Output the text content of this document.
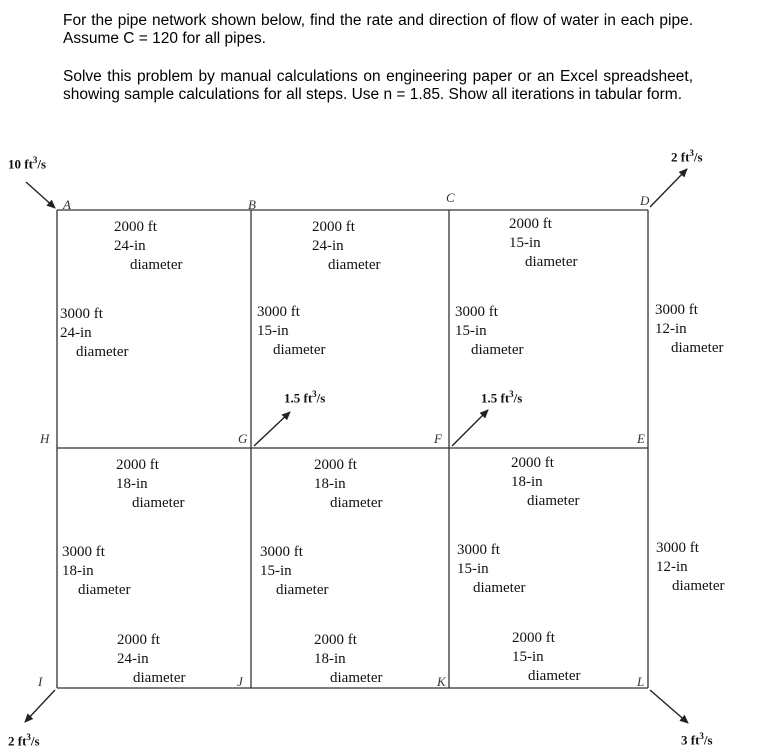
For the pipe network shown below, find the rate and direction of flow of water in each pipe. Assume C = 120 for all pipes.
Solve this problem by manual calculations on engineering paper or an Excel spreadsheet, showing sample calculations for all steps. Use n = 1.85. Show all iterations in tabular form.
A	B	C	D
H	G	F	E
I	J	K	L
10 $ft^3/s$	2 $ft^3/s$
1.5 $ft^3/s$	1.5 $ft^3/s$
2 $ft^3/s$	3 $ft^3/s$
2000 ft
24-in
diameter
2000 ft
24-in
diameter
2000 ft
15-in
diameter
3000 ft
24-in
diameter
3000 ft
15-in
diameter
3000 ft
15-in
diameter
3000 ft
12-in
diameter
2000 ft
18-in
diameter
2000 ft
18-in
diameter
2000 ft
18-in
diameter
3000 ft
18-in
diameter
3000 ft
15-in
diameter
3000 ft
15-in
diameter
3000 ft
12-in
diameter
2000 ft
24-in
diameter
2000 ft
18-in
diameter
2000 ft
15-in
diameter
